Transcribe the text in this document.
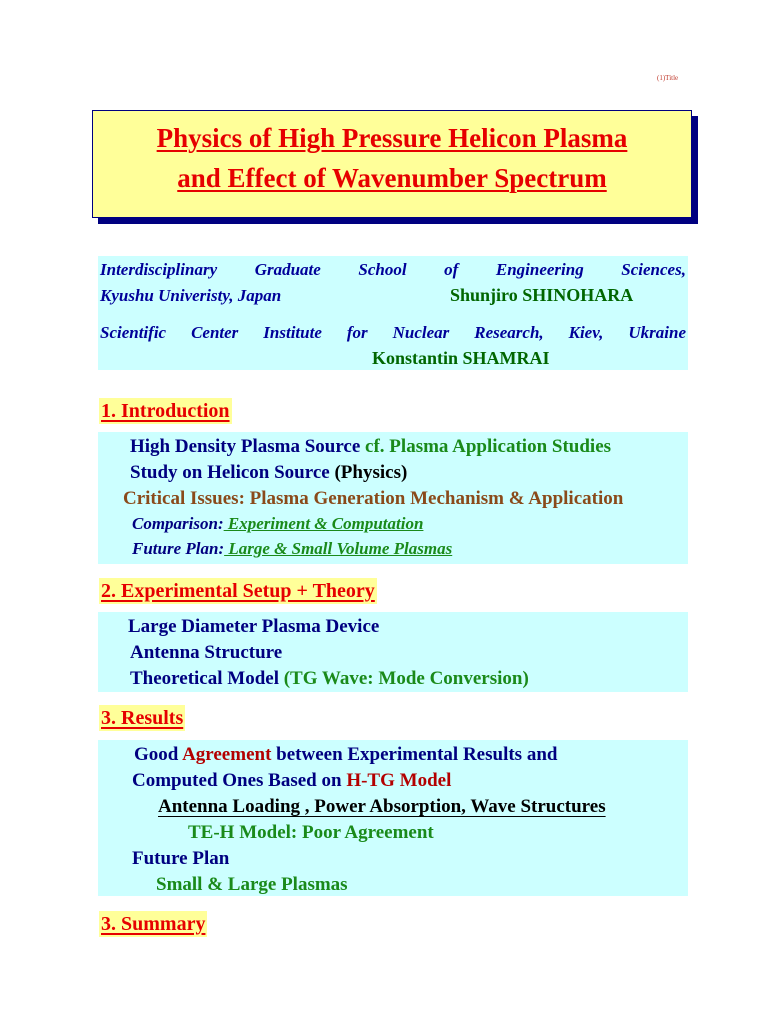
(1)Title
Physics of High Pressure Helicon Plasma
and Effect of Wavenumber Spectrum
Interdisciplinary Graduate School of Engineering Sciences,
Kyushu Univeristy, Japan	Shunjiro SHINOHARA
Scientific Center Institute for Nuclear Research, Kiev, Ukraine
Konstantin SHAMRAI
1. Introduction
High Density Plasma Source cf. Plasma Application Studies
Study on Helicon Source (Physics)
Critical Issues: Plasma Generation Mechanism & Application
Comparison: Experiment & Computation
Future Plan: Large & Small Volume Plasmas
2. Experimental Setup + Theory
Large Diameter Plasma Device
Antenna Structure
Theoretical Model (TG Wave: Mode Conversion)
3. Results
Good Agreement between Experimental Results and
Computed Ones Based on H-TG Model
Antenna Loading , Power Absorption, Wave Structures
TE-H Model: Poor Agreement
Future Plan
Small & Large Plasmas
3. Summary
